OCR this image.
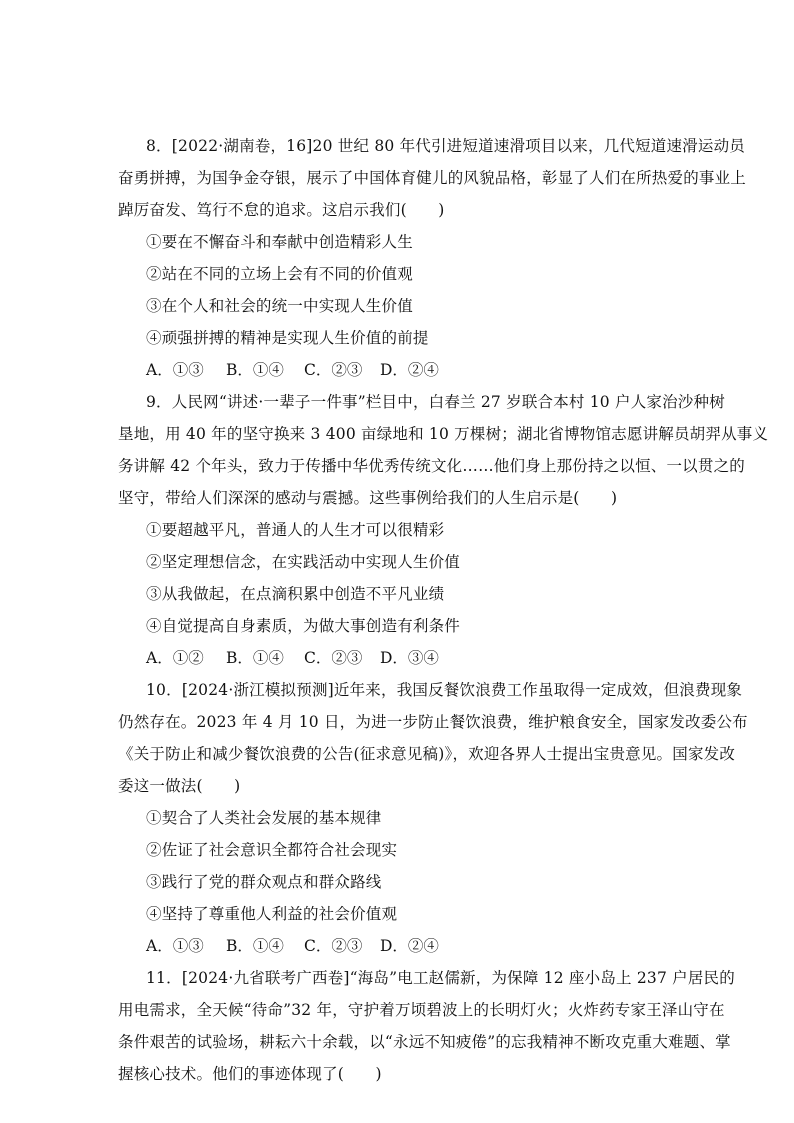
8．[2022·湖南卷，16]20 世纪 80 年代引进短道速滑项目以来，几代短道速滑运动员
奋勇拼搏，为国争金夺银，展示了中国体育健儿的风貌品格，彰显了人们在所热爱的事业上
踔厉奋发、笃行不怠的追求。这启示我们(　　)
①要在不懈奋斗和奉献中创造精彩人生
②站在不同的立场上会有不同的价值观
③在个人和社会的统一中实现人生价值
④顽强拼搏的精神是实现人生价值的前提
A．①③ B．①④ C．②③ D．②④
9．人民网“讲述·一辈子一件事”栏目中，白春兰 27 岁联合本村 10 户人家治沙种树
垦地，用 40 年的坚守换来 3 400 亩绿地和 10 万棵树；湖北省博物馆志愿讲解员胡羿从事义
务讲解 42 个年头，致力于传播中华优秀传统文化……他们身上那份持之以恒、一以贯之的
坚守，带给人们深深的感动与震撼。这些事例给我们的人生启示是(　　)
①要超越平凡，普通人的人生才可以很精彩
②坚定理想信念，在实践活动中实现人生价值
③从我做起，在点滴积累中创造不平凡业绩
④自觉提高自身素质，为做大事创造有利条件
A．①② B．①④ C．②③ D．③④
10．[2024·浙江模拟预测]近年来，我国反餐饮浪费工作虽取得一定成效，但浪费现象
仍然存在。2023 年 4 月 10 日，为进一步防止餐饮浪费，维护粮食安全，国家发改委公布
《关于防止和减少餐饮浪费的公告(征求意见稿)》，欢迎各界人士提出宝贵意见。国家发改
委这一做法(　　)
①契合了人类社会发展的基本规律
②佐证了社会意识全都符合社会现实
③践行了党的群众观点和群众路线
④坚持了尊重他人利益的社会价值观
A．①③ B．①④ C．②③ D．②④
11．[2024·九省联考广西卷]“海岛”电工赵儒新，为保障 12 座小岛上 237 户居民的
用电需求，全天候“待命”32 年，守护着万顷碧波上的长明灯火；火炸药专家王泽山守在
条件艰苦的试验场，耕耘六十余载，以“永远不知疲倦”的忘我精神不断攻克重大难题、掌
握核心技术。他们的事迹体现了(　　)
